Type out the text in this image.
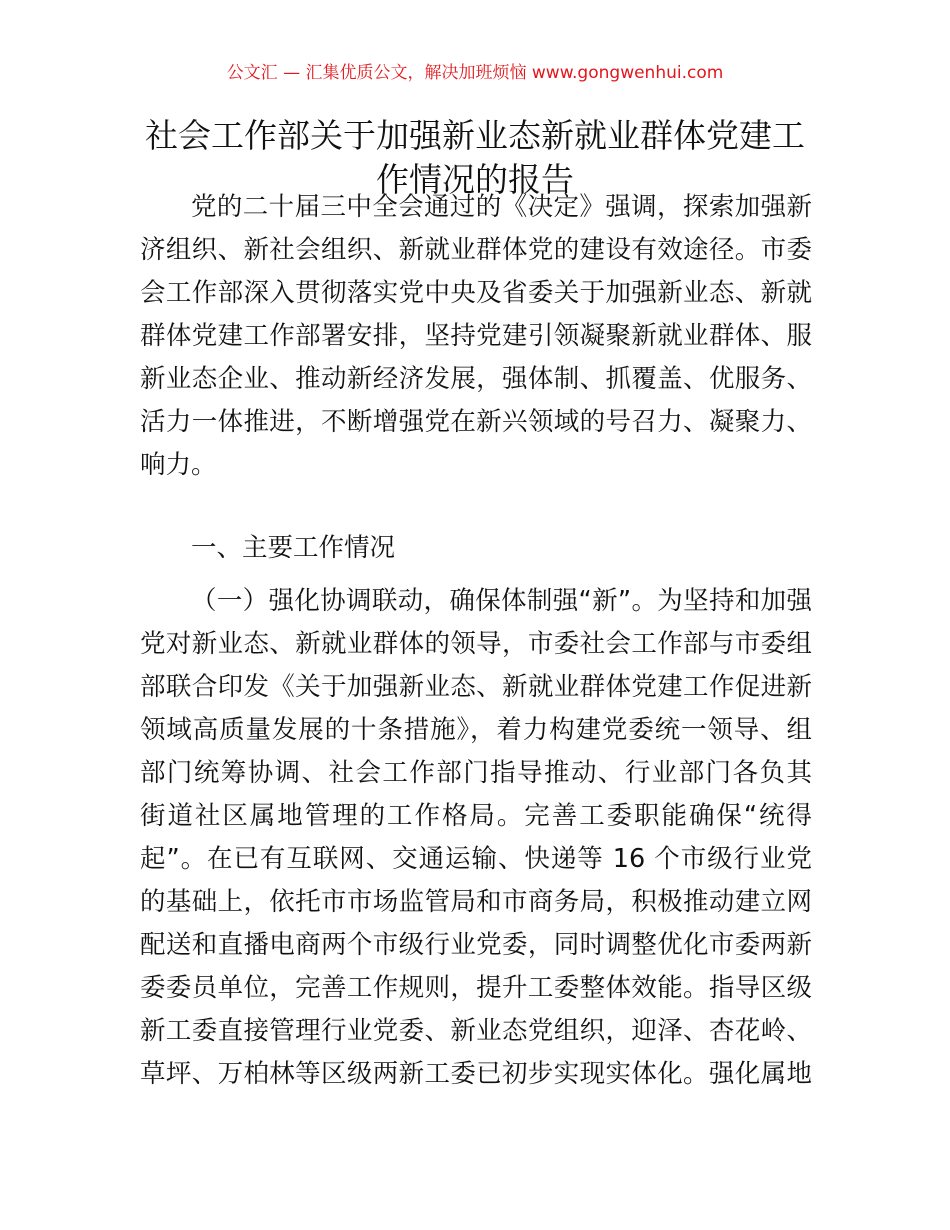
公文汇 — 汇集优质公文，解决加班烦恼 www.gongwenhui.com
社会工作部关于加强新业态新就业群体党建工
作情况的报告
党的二十届三中全会通过的《决定》强调，探索加强新
济组织、新社会组织、新就业群体党的建设有效途径。市委
会工作部深入贯彻落实党中央及省委关于加强新业态、新就
群体党建工作部署安排，坚持党建引领凝聚新就业群体、服
新业态企业、推动新经济发展，强体制、抓覆盖、优服务、
活力一体推进，不断增强党在新兴领域的号召力、凝聚力、
响力。
一、主要工作情况
（一）强化协调联动，确保体制强“新”。为坚持和加强
党对新业态、新就业群体的领导，市委社会工作部与市委组
部联合印发《关于加强新业态、新就业群体党建工作促进新
领域高质量发展的十条措施》，着力构建党委统一领导、组
部门统筹协调、社会工作部门指导推动、行业部门各负其
街道社区属地管理的工作格局。完善工委职能确保“统得
起”。在已有互联网、交通运输、快递等 16 个市级行业党
的基础上，依托市市场监管局和市商务局，积极推动建立网
配送和直播电商两个市级行业党委，同时调整优化市委两新
委委员单位，完善工作规则，提升工委整体效能。指导区级
新工委直接管理行业党委、新业态党组织，迎泽、杏花岭、
草坪、万柏林等区级两新工委已初步实现实体化。强化属地
